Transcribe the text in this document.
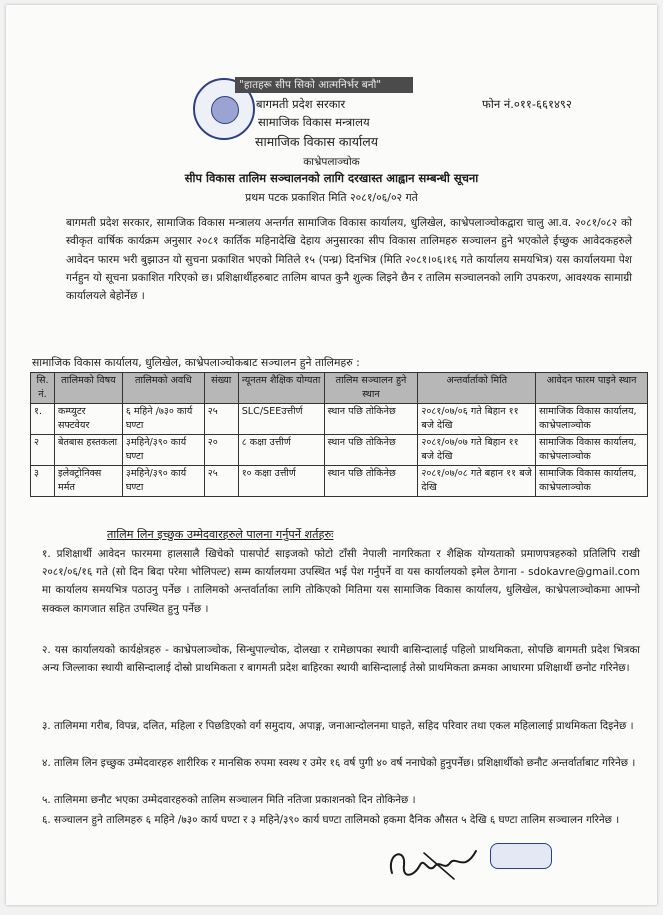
"हातहरू सीप सिको आत्मनिर्भर बनौ"
बागमती प्रदेश सरकार
सामाजिक विकास मन्त्रालय
सामाजिक विकास कार्यालय
फोन नं.०११-६६१४९२
काभ्रेपलाञ्चोक
सीप विकास तालिम सञ्चालनको लागि दरखास्त आह्वान सम्बन्धी सूचना
प्रथम पटक प्रकाशित मिति २०८१/०६/०२ गते
बागमती प्रदेश सरकार, सामाजिक विकास मन्त्रालय अन्तर्गत सामाजिक विकास कार्यालय, धुलिखेल, काभ्रेपलाञ्चोकद्वारा चालु आ.व. २०८१/०८२ को स्वीकृत वार्षिक कार्यक्रम अनुसार २०८१ कार्तिक महिनादेखि देहाय अनुसारका सीप विकास तालिमहरु सञ्चालन हुने भएकोले ईच्छुक आवेदकहरुले आवेदन फारम भरी बुझाउन यो सुचना प्रकाशित भएको मितिले १५ (पन्ध्र) दिनभित्र (मिति २०८१।०६।१६ गते कार्यालय समयभित्र) यस कार्यालयमा पेश गर्नहुन यो सूचना प्रकाशित गरिएको छ। प्रशिक्षार्थीहरुबाट तालिम बापत कुनै शुल्क लिइने छैन र तालिम सञ्चालनको लागि उपकरण, आवश्यक सामाग्री कार्यालयले बेहोर्नेछ ।
सामाजिक विकास कार्यालय, धुलिखेल, काभ्रेपलाञ्चोकबाट सञ्चालन हुने तालिमहरु :
सि. नं.	तालिमको विषय	तालिमको अवधि	संख्या	न्यूनतम शैक्षिक योग्यता	तालिम सञ्चालन हुने स्थान	अन्तर्वार्ताको मिति	आवेदन फारम पाइने स्थान
१.	कम्प्युटर सफ्टवेयर	६ महिने /७३० कार्य घण्टा	२५	SLC/SEEउत्तीर्ण	स्थान पछि तोकिनेछ	२०८१/०७/०६ गते बिहान ११ बजे देखि	सामाजिक विकास कार्यालय, काभ्रेपलाञ्चोक
२	बेतबास हस्तकला	३महिने/३९० कार्य घण्टा	२०	८ कक्षा उत्तीर्ण	स्थान पछि तोकिनेछ	२०८१/०७/०७ गते बिहान ११ बजे देखि	सामाजिक विकास कार्यालय, काभ्रेपलाञ्चोक
३	इलेक्ट्रोनिक्स मर्मत	३महिने/३९० कार्य घण्टा	२५	१० कक्षा उत्तीर्ण	स्थान पछि तोकिनेछ	२०८१/०७/०८ गते बहान ११ बजे देखि	सामाजिक विकास कार्यालय, काभ्रेपलाञ्चोक
तालिम लिन इच्छुक उम्मेदवारहरुले पालना गर्नुपर्ने शर्तहरुः
१. प्रशिक्षार्थी आवेदन फारममा हालसालै खिचेको पासपोर्ट साइजको फोटो टाँसी नेपाली नागरिकता र शैक्षिक योग्यताको प्रमाणपत्रहरुको प्रतिलिपि राखी २०८१/०६/१६ गते (सो दिन बिदा परेमा भोलिपल्ट) सम्म कार्यालयमा उपस्थित भई पेश गर्नुपर्ने वा यस कार्यालयको इमेल ठेगाना - sdokavre@gmail.com मा कार्यालय समयभित्र पठाउनु पर्नेछ । तालिमको अन्तर्वार्ताका लागि तोकिएको मितिमा यस सामाजिक विकास कार्यालय, धुलिखेल, काभ्रेपलाञ्चोकमा आफ्नो सक्कल कागजात सहित उपस्थित हुनु पर्नेछ ।
२. यस कार्यालयको कार्यक्षेत्रहरु - काभ्रेपलाञ्चोक, सिन्धुपाल्चोक, दोलखा र रामेछापका स्थायी बासिन्दालाई पहिलो प्राथमिकता, सोपछि बागमती प्रदेश भित्रका अन्य जिल्लाका स्थायी बासिन्दालाई दोस्रो प्राथमिकता र बागमती प्रदेश बाहिरका स्थायी बासिन्दालाई तेस्रो प्राथमिकता क्रमका आधारमा प्रशिक्षार्थी छनोट गरिनेछ।
३. तालिममा गरीब, विपन्न, दलित, महिला र पिछडिएको वर्ग समुदाय, अपाङ्ग, जनाआन्दोलनमा घाइते, सहिद परिवार तथा एकल महिलालाई प्राथमिकता दिइनेछ ।
४. तालिम लिन इच्छुक उम्मेदवारहरु शारीरिक र मानसिक रुपमा स्वस्थ र उमेर १६ वर्ष पुगी ४० वर्ष ननाघेको हुनुपर्नेछ। प्रशिक्षार्थीको छनौट अन्तर्वार्ताबाट गरिनेछ ।
५. तालिममा छनौट भएका उम्मेदवारहरुको तालिम सञ्चालन मिति नतिजा प्रकाशनको दिन तोकिनेछ ।
६. सञ्चालन हुने तालिमहरु ६ महिने /७३० कार्य घण्टा र ३ महिने/३९० कार्य घण्टा तालिमको हकमा दैनिक औसत ५ देखि ६ घण्टा तालिम सञ्चालन गरिनेछ ।
